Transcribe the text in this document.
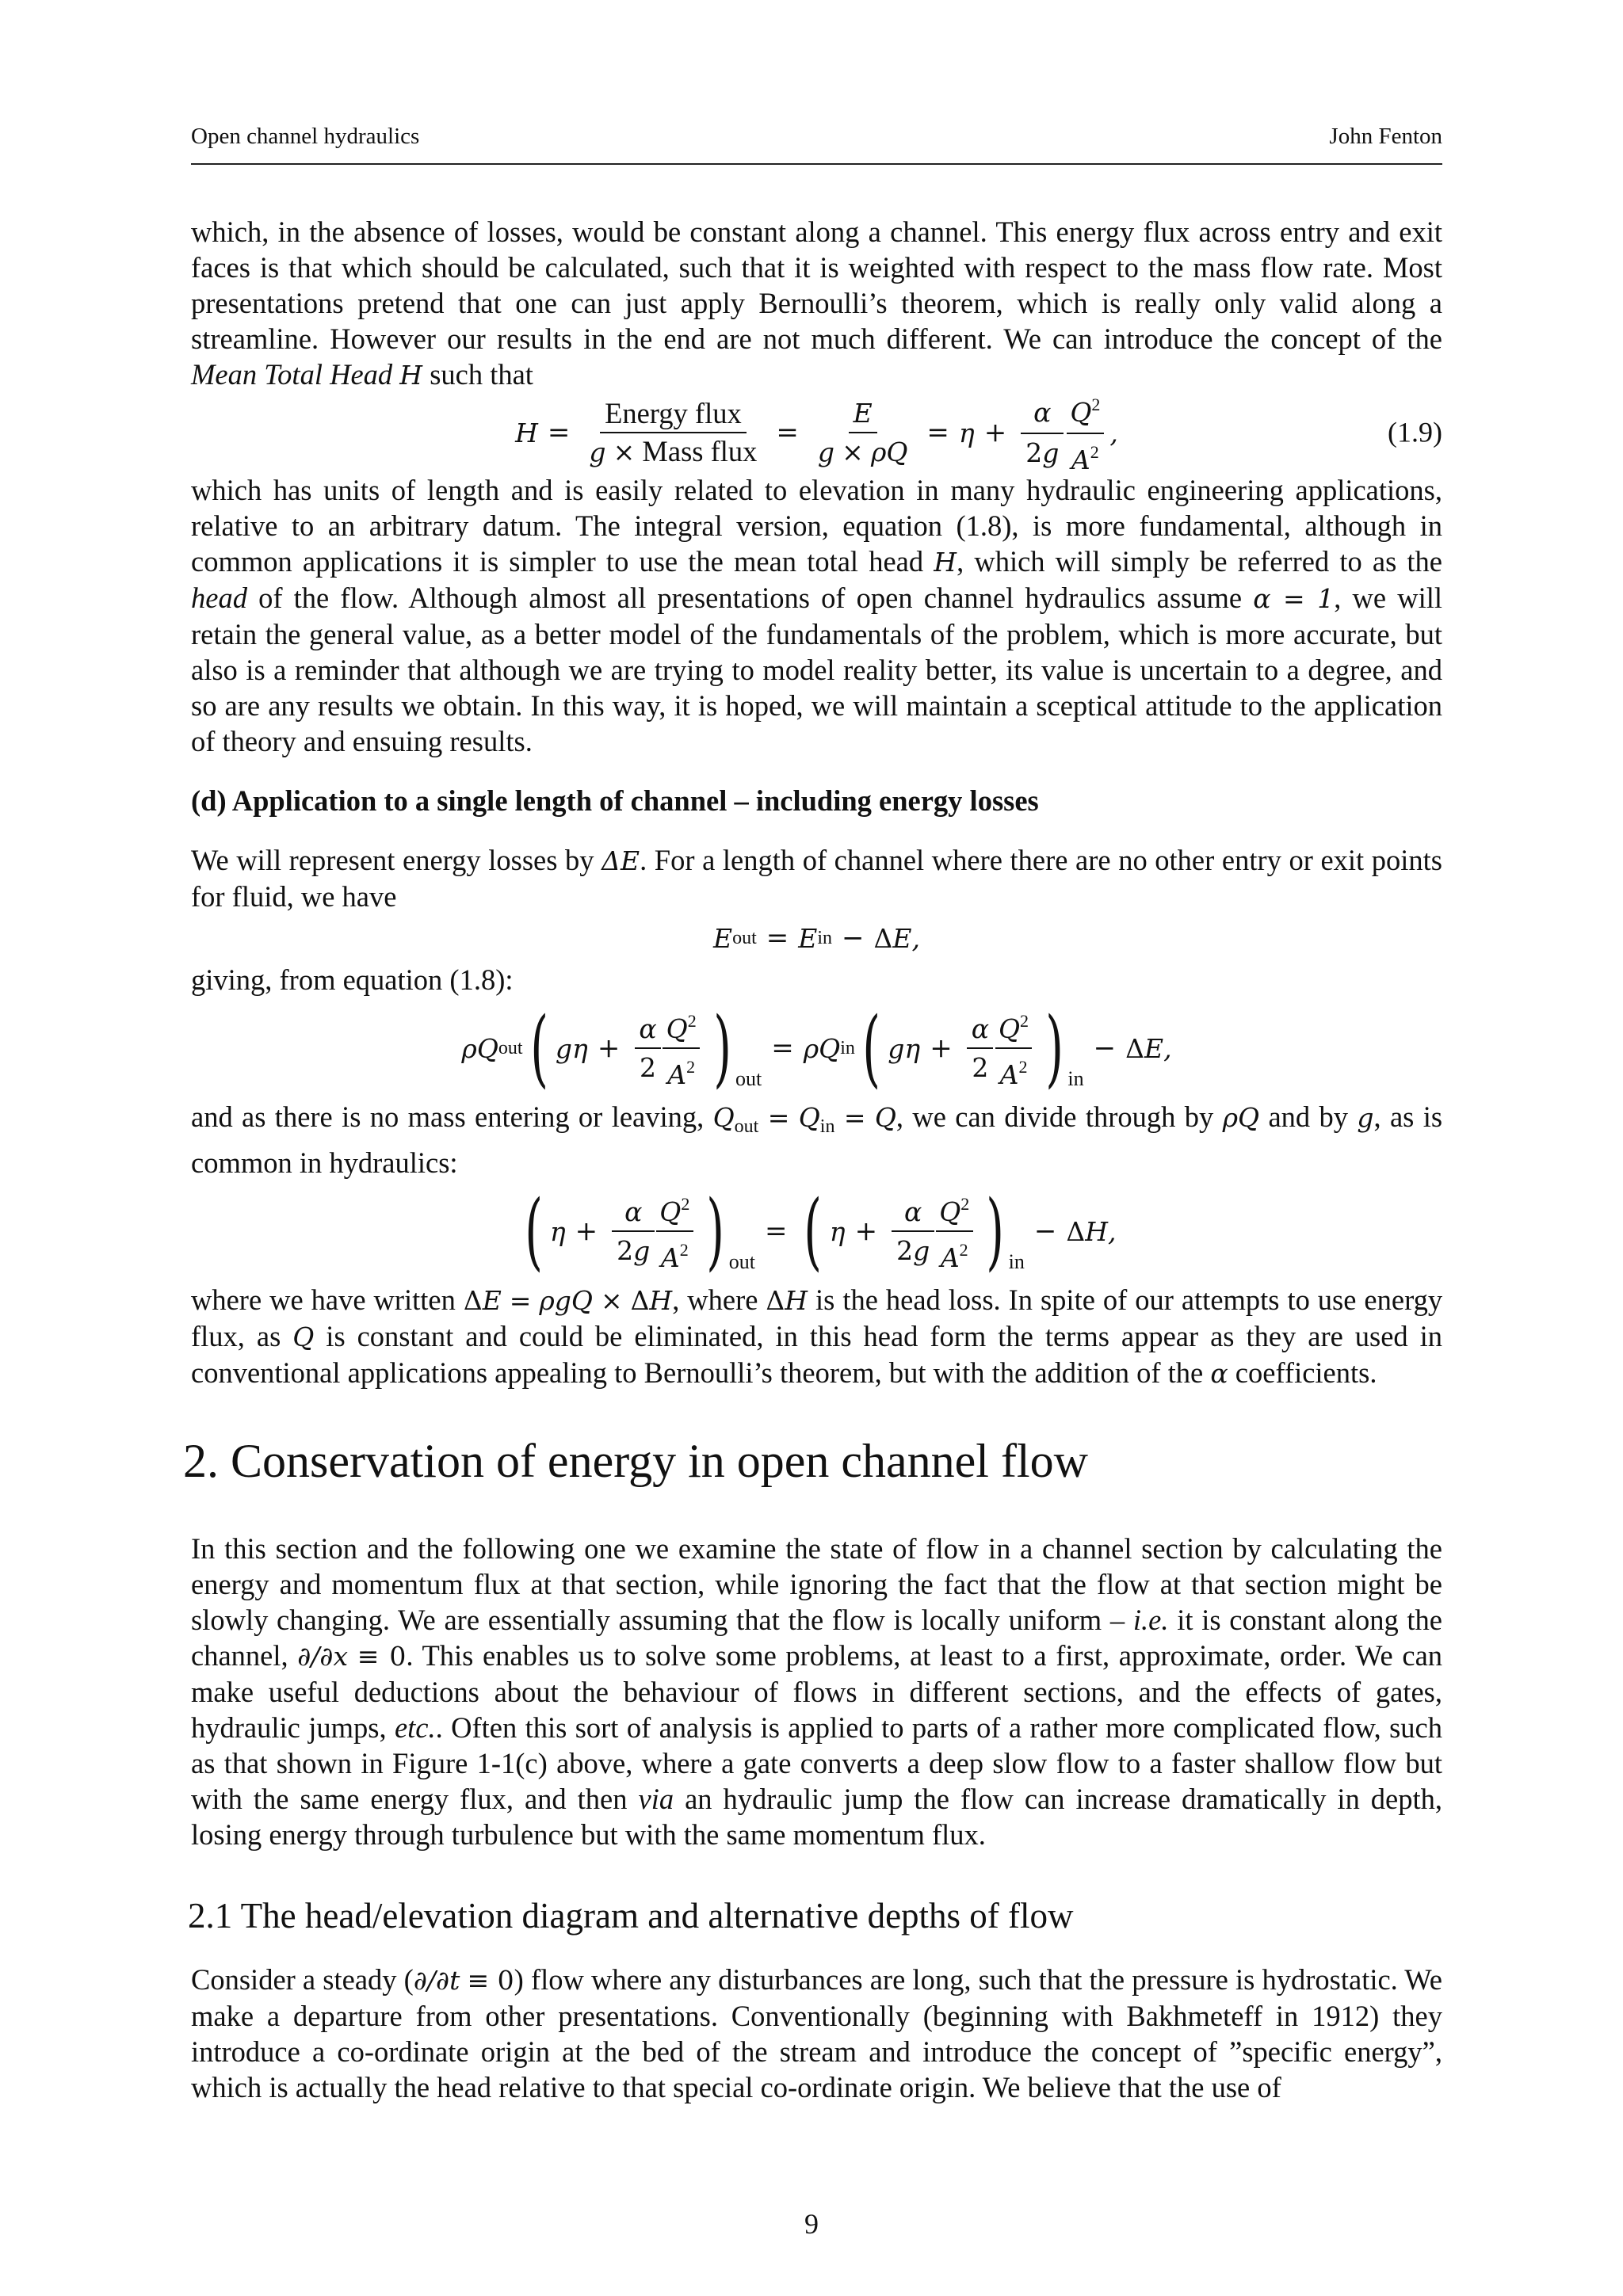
Open channel hydraulics	John Fenton

which, in the absence of losses, would be constant along a channel. This energy flux across entry and exit faces is that which should be calculated, such that it is weighted with respect to the mass flow rate. Most presentations pretend that one can just apply Bernoulli’s theorem, which is really only valid along a streamline. However our results in the end are not much different. We can introduce the concept of the Mean Total Head H such that

$H = \frac{\text{Energy flux}}{\text{g × Mass flux}} = \frac{E}{g \times \rho Q} = \eta + \frac{\alpha}{2g} \frac{Q^2}{A^2}$ ,	(1.9)

which has units of length and is easily related to elevation in many hydraulic engineering applications, relative to an arbitrary datum. The integral version, equation (1.8), is more fundamental, although in common applications it is simpler to use the mean total head H, which will simply be referred to as the head of the flow. Although almost all presentations of open channel hydraulics assume α = 1, we will retain the general value, as a better model of the fundamentals of the problem, which is more accurate, but also is a reminder that although we are trying to model reality better, its value is uncertain to a degree, and so are any results we obtain. In this way, it is hoped, we will maintain a sceptical attitude to the application of theory and ensuing results.

(d) Application to a single length of channel – including energy losses

We will represent energy losses by ΔE. For a length of channel where there are no other entry or exit points for fluid, we have

E out = E in − Δ E,

giving, from equation (1.8):

ρQ out ( $g\eta + \frac{\alpha}{2} \frac{Q^2}{A^2}$ ) out
= ρQ in ( $g\eta + \frac{\alpha}{2} \frac{Q^2}{A^2}$ ) in
− Δ E,

and as there is no mass entering or leaving, $Q_{out} = Q_{in} = Q$, we can divide through by ρQ and by g, as is common in hydraulics:

( $\eta + \frac{\alpha}{2g} \frac{Q^2}{A^2}$ ) out
= ( $\eta + \frac{\alpha}{2g} \frac{Q^2}{A^2}$ ) in
− Δ H,

where we have written ΔE = ρgQ × ΔH, where ΔH is the head loss. In spite of our attempts to use energy flux, as Q is constant and could be eliminated, in this head form the terms appear as they are used in conventional applications appealing to Bernoulli’s theorem, but with the addition of the α coefficients.

2. Conservation of energy in open channel flow

In this section and the following one we examine the state of flow in a channel section by calculating the energy and momentum flux at that section, while ignoring the fact that the flow at that section might be slowly changing. We are essentially assuming that the flow is locally uniform – i.e. it is constant along the channel, ∂/∂x ≡ 0. This enables us to solve some problems, at least to a first, approximate, order. We can make useful deductions about the behaviour of flows in different sections, and the effects of gates, hydraulic jumps, etc.. Often this sort of analysis is applied to parts of a rather more complicated flow, such as that shown in Figure 1-1(c) above, where a gate converts a deep slow flow to a faster shallow flow but with the same energy flux, and then via an hydraulic jump the flow can increase dramatically in depth, losing energy through turbulence but with the same momentum flux.

2.1 The head/elevation diagram and alternative depths of flow

Consider a steady (∂/∂t ≡ 0) flow where any disturbances are long, such that the pressure is hydrostatic. We make a departure from other presentations. Conventionally (beginning with Bakhmeteff in 1912) they introduce a co-ordinate origin at the bed of the stream and introduce the concept of ”specific energy”, which is actually the head relative to that special co-ordinate origin. We believe that the use of

9
